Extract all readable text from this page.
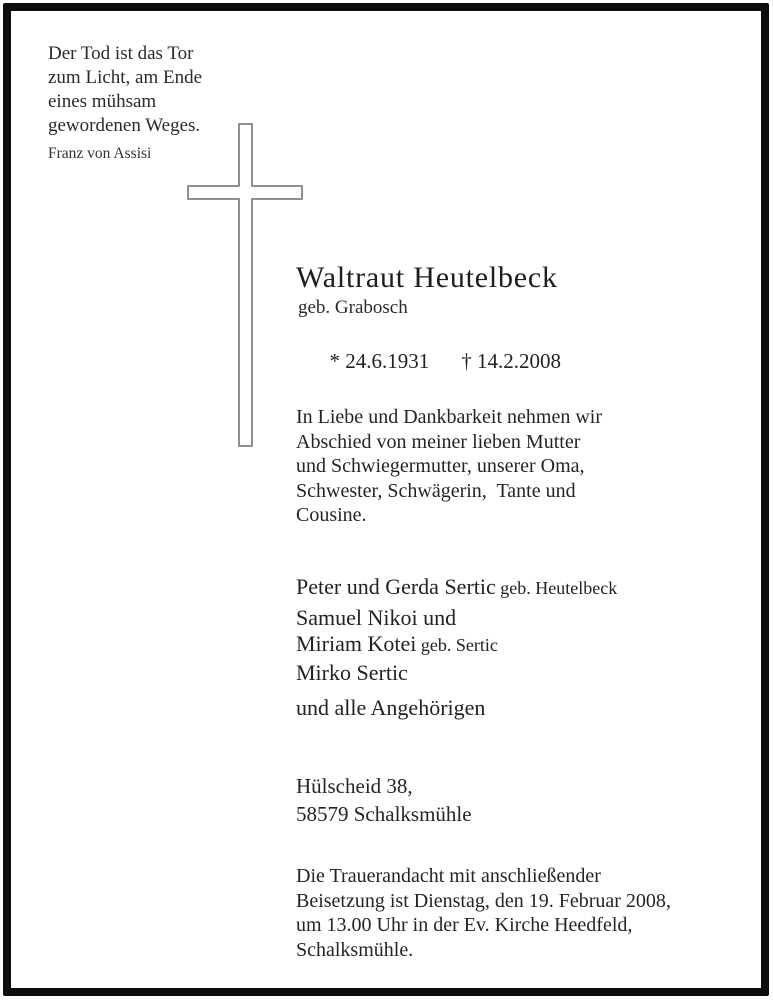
Der Tod ist das Tor
zum Licht, am Ende
eines mühsam
gewordenen Weges.
Franz von Assisi
Waltraut Heutelbeck
geb. Grabosch

* 24.6.1931 † 14.2.2008

In Liebe und Dankbarkeit nehmen wir
Abschied von meiner lieben Mutter
und Schwiegermutter, unserer Oma,
Schwester, Schwägerin,  Tante und
Cousine.
Peter und Gerda Sertic geb. Heutelbeck
Samuel Nikoi und
Miriam Kotei geb. Sertic
Mirko Sertic
und alle Angehörigen
Hülscheid 38,
58579 Schalksmühle
Die Trauerandacht mit anschließender
Beisetzung ist Dienstag, den 19. Februar 2008,
um 13.00 Uhr in der Ev. Kirche Heedfeld,
Schalksmühle.
